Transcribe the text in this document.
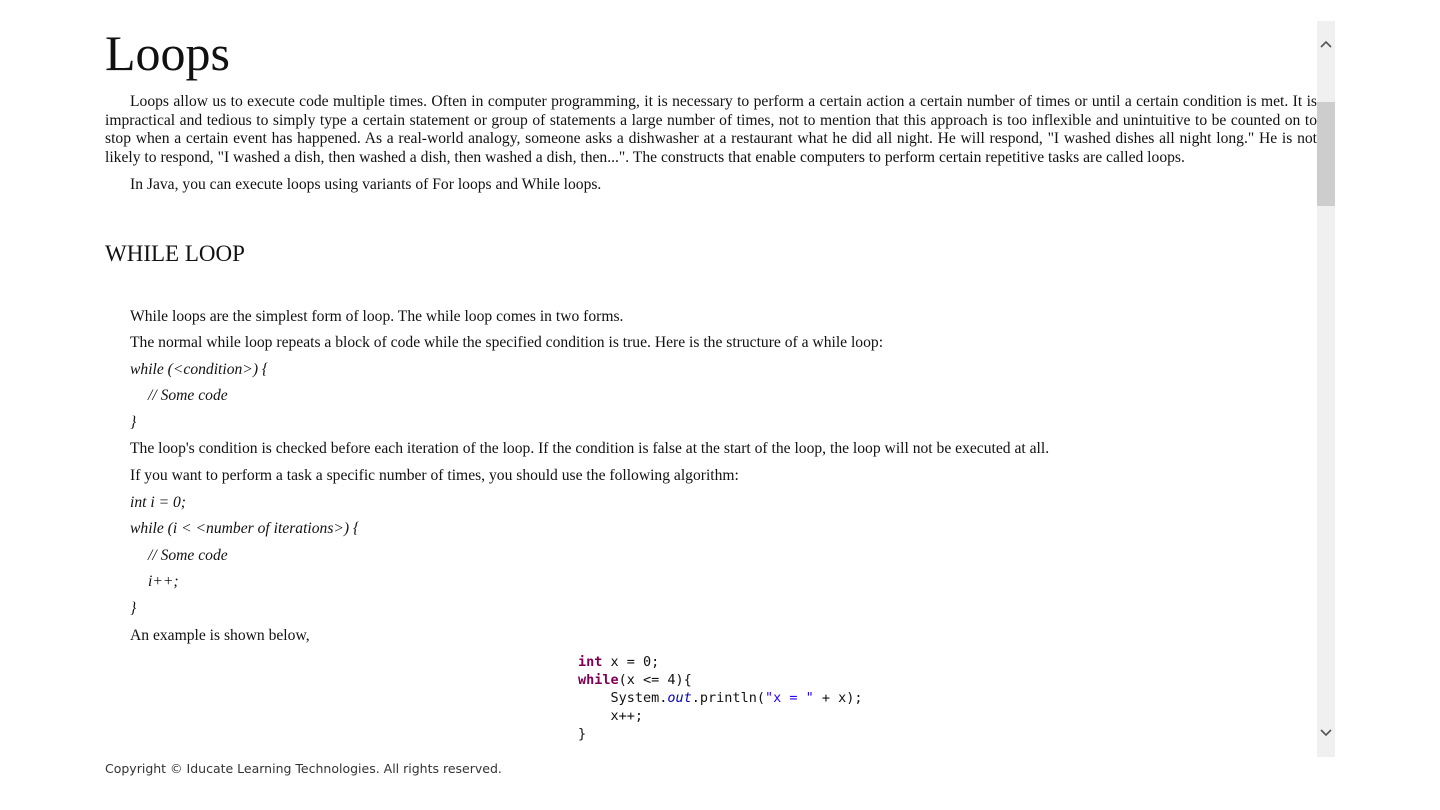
Loops
Loops allow us to execute code multiple times. Often in computer programming, it is necessary to perform a certain action a certain number of times or until a certain condition is met. It is impractical and tedious to simply type a certain statement or group of statements a large number of times, not to mention that this approach is too inflexible and unintuitive to be counted on to stop when a certain event has happened. As a real-world analogy, someone asks a dishwasher at a restaurant what he did all night. He will respond, "I washed dishes all night long." He is not likely to respond, "I washed a dish, then washed a dish, then washed a dish, then...". The constructs that enable computers to perform certain repetitive tasks are called loops.

In Java, you can execute loops using variants of For loops and While loops.

WHILE LOOP

While loops are the simplest form of loop. The while loop comes in two forms.

The normal while loop repeats a block of code while the specified condition is true. Here is the structure of a while loop:

while (<condition>) {

// Some code

}

The loop's condition is checked before each iteration of the loop. If the condition is false at the start of the loop, the loop will not be executed at all.

If you want to perform a task a specific number of times, you should use the following algorithm:

int i = 0;

while (i < <number of iterations>) {

// Some code

i++;

}

An example is shown below,

int x = 0;
while(x <= 4){
System.out.println("x = " + x);
x++;
}
Copyright © Iducate Learning Technologies. All rights reserved.
